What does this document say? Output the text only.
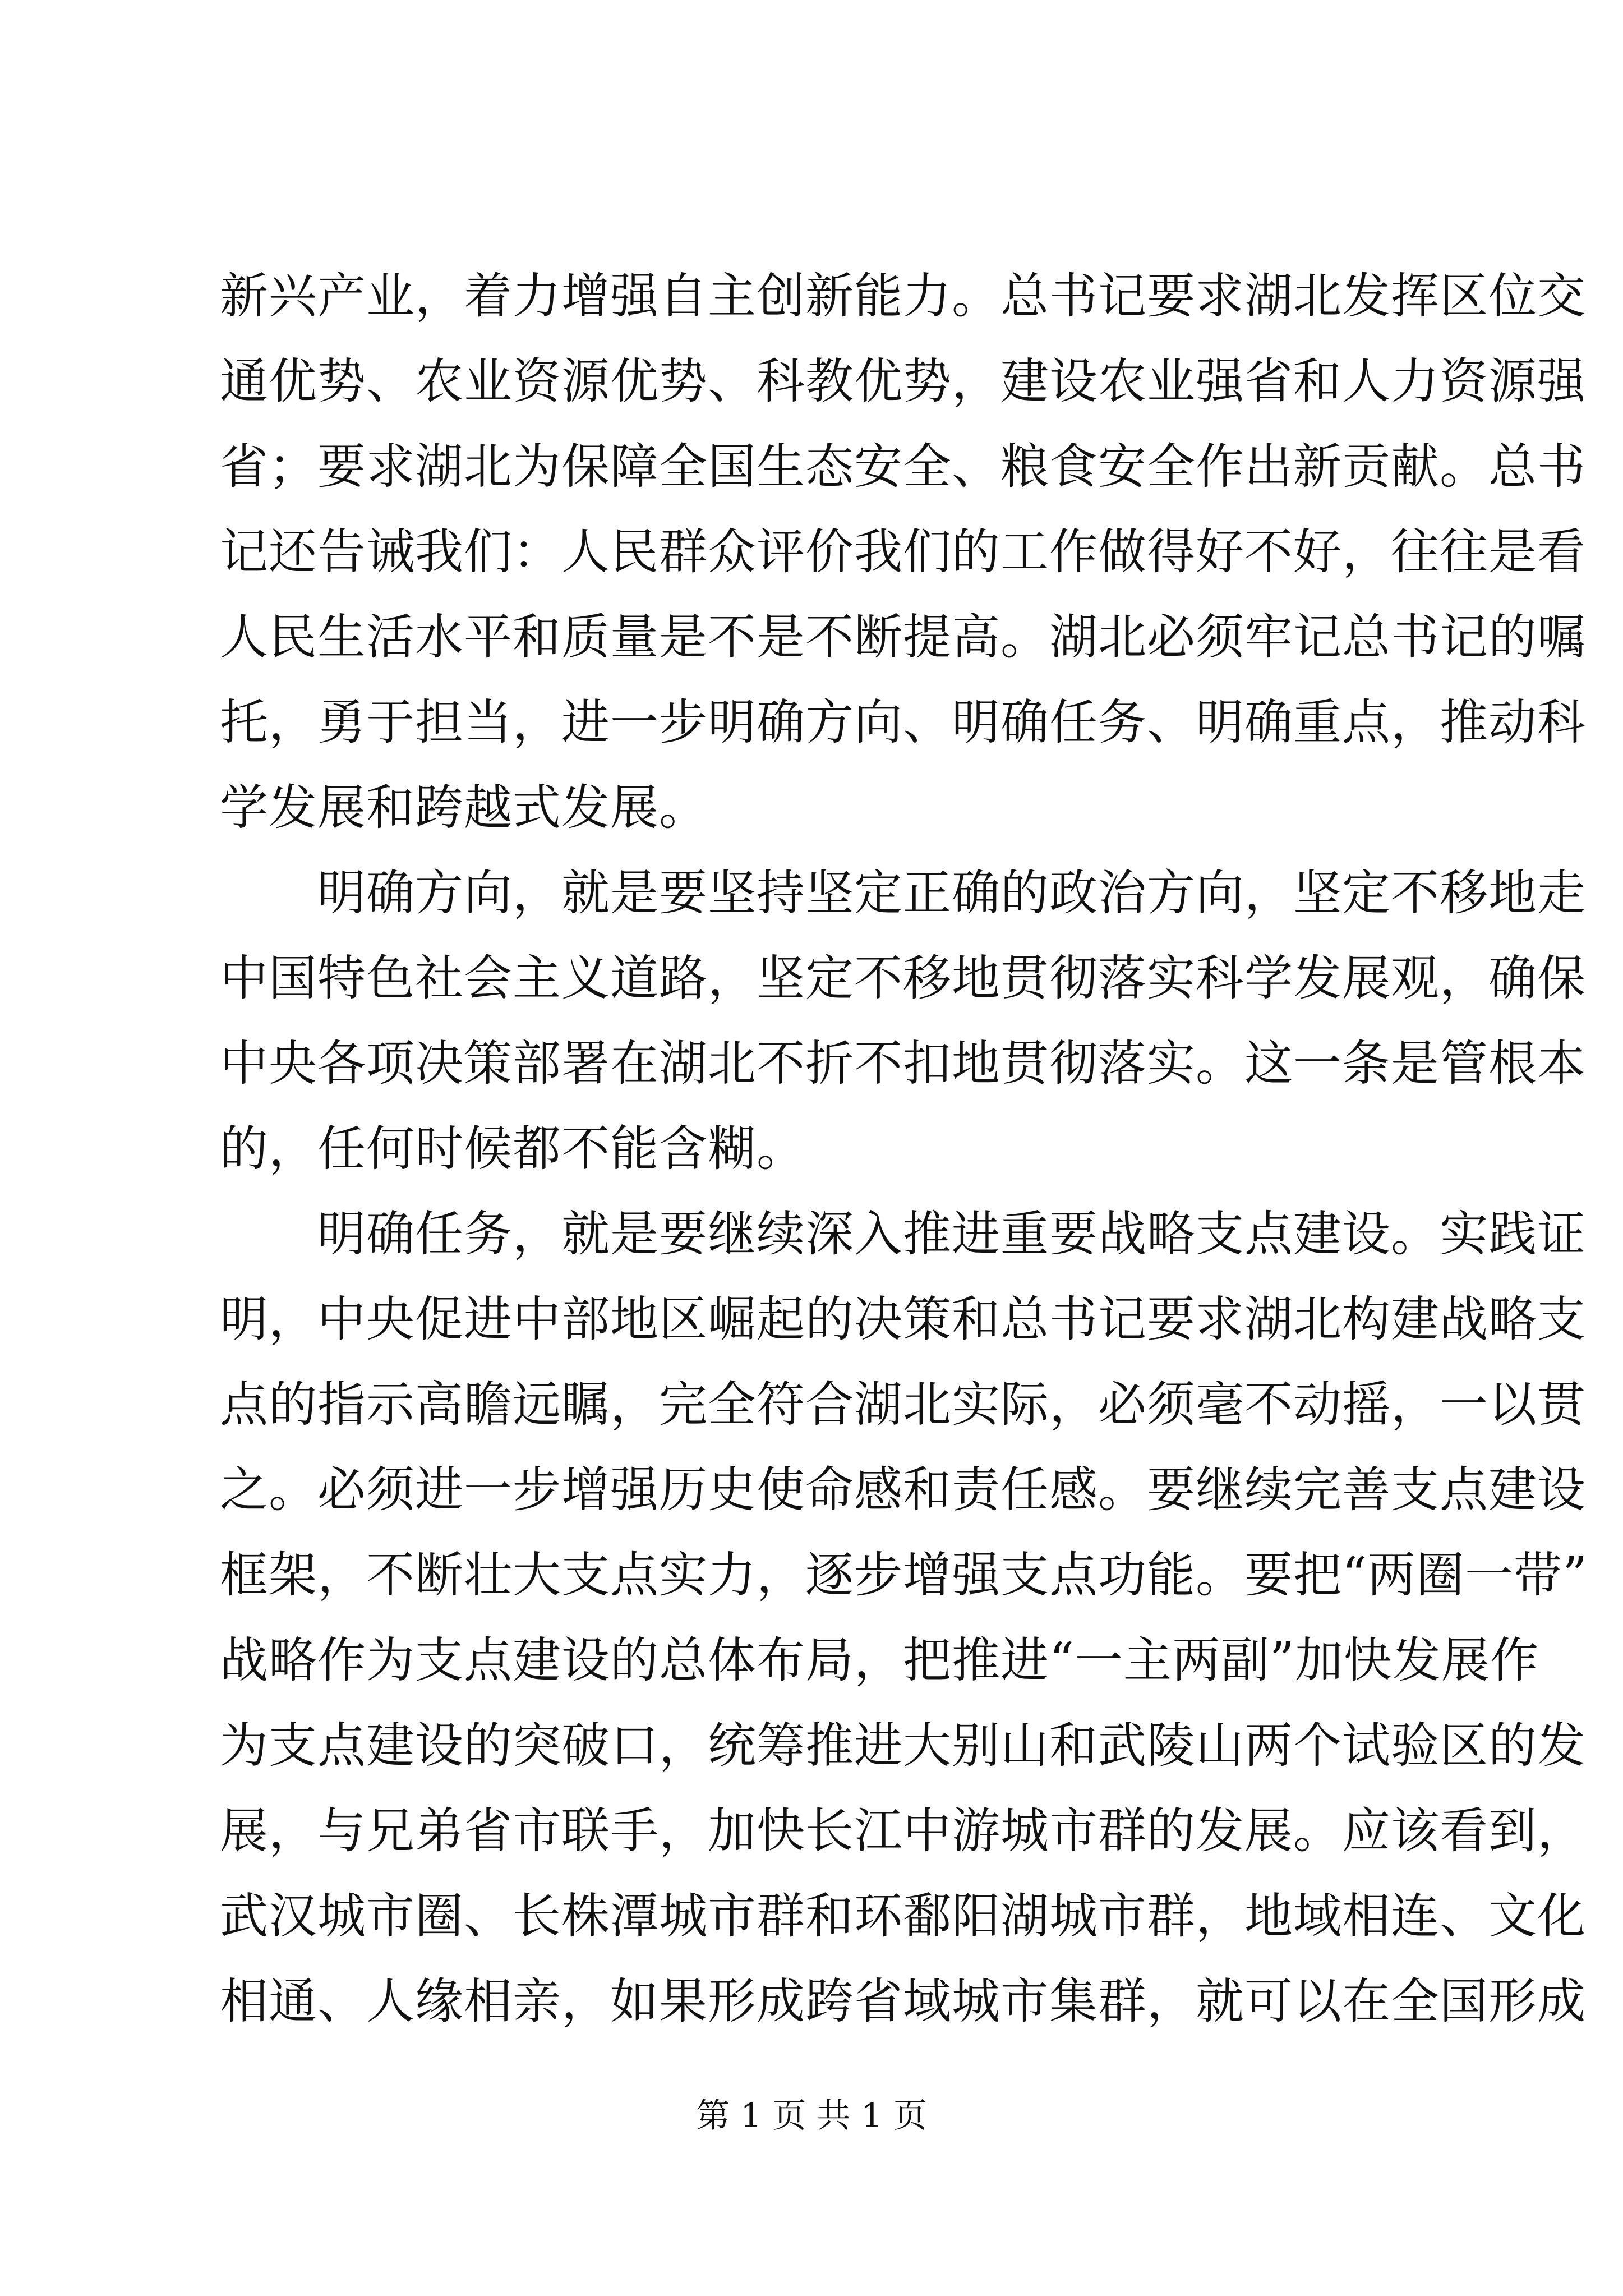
新兴产业，着力增强自主创新能力。总书记要求湖北发挥区位交
通优势、农业资源优势、科教优势，建设农业强省和人力资源强
省；要求湖北为保障全国生态安全、粮食安全作出新贡献。总书
记还告诫我们：人民群众评价我们的工作做得好不好，往往是看
人民生活水平和质量是不是不断提高。湖北必须牢记总书记的嘱
托，勇于担当，进一步明确方向、明确任务、明确重点，推动科
学发展和跨越式发展。
　　明确方向，就是要坚持坚定正确的政治方向，坚定不移地走
中国特色社会主义道路，坚定不移地贯彻落实科学发展观，确保
中央各项决策部署在湖北不折不扣地贯彻落实。这一条是管根本
的，任何时候都不能含糊。
　　明确任务，就是要继续深入推进重要战略支点建设。实践证
明，中央促进中部地区崛起的决策和总书记要求湖北构建战略支
点的指示高瞻远瞩，完全符合湖北实际，必须毫不动摇，一以贯
之。必须进一步增强历史使命感和责任感。要继续完善支点建设
框架，不断壮大支点实力，逐步增强支点功能。要把“两圈一带”
战略作为支点建设的总体布局，把推进“一主两副”加快发展作
为支点建设的突破口，统筹推进大别山和武陵山两个试验区的发
展，与兄弟省市联手，加快长江中游城市群的发展。应该看到，
武汉城市圈、长株潭城市群和环鄱阳湖城市群，地域相连、文化
相通、人缘相亲，如果形成跨省域城市集群，就可以在全国形成
第 1 页 共 1 页
